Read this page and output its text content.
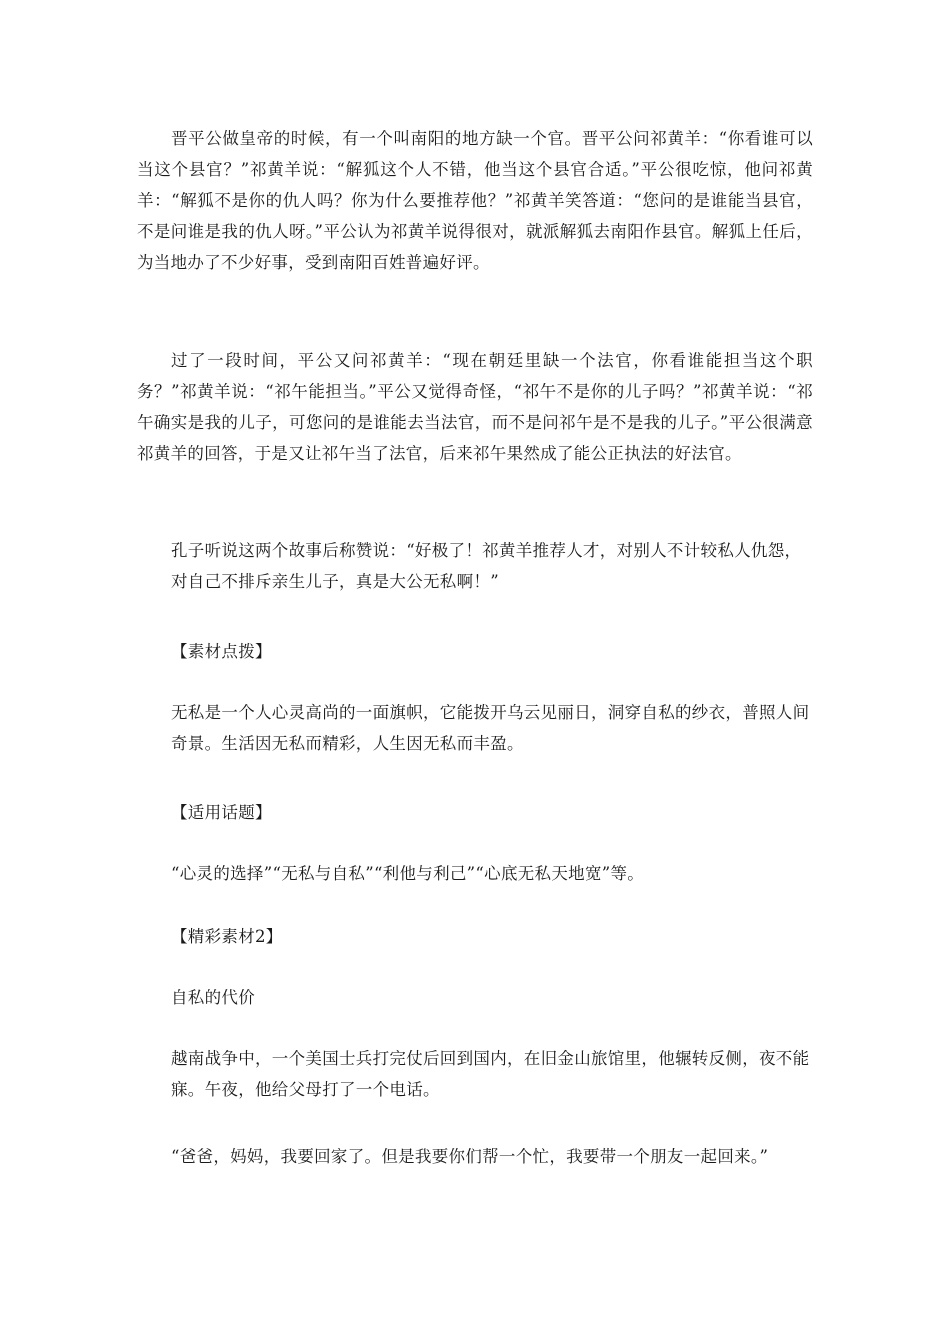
晋平公做皇帝的时候，有一个叫南阳的地方缺一个官。晋平公问祁黄羊：“你看谁可以当这个县官？”祁黄羊说：“解狐这个人不错，他当这个县官合适。”平公很吃惊，他问祁黄羊：“解狐不是你的仇人吗？你为什么要推荐他？”祁黄羊笑答道：“您问的是谁能当县官，不是问谁是我的仇人呀。”平公认为祁黄羊说得很对，就派解狐去南阳作县官。解狐上任后，为当地办了不少好事，受到南阳百姓普遍好评。

过了一段时间，平公又问祁黄羊：“现在朝廷里缺一个法官，你看谁能担当这个职务？”祁黄羊说：“祁午能担当。”平公又觉得奇怪，“祁午不是你的儿子吗？”祁黄羊说：“祁午确实是我的儿子，可您问的是谁能去当法官，而不是问祁午是不是我的儿子。”平公很满意祁黄羊的回答，于是又让祁午当了法官，后来祁午果然成了能公正执法的好法官。

孔子听说这两个故事后称赞说：“好极了！祁黄羊推荐人才，对别人不计较私人仇怨，对自己不排斥亲生儿子，真是大公无私啊！”

【素材点拨】

无私是一个人心灵高尚的一面旗帜，它能拨开乌云见丽日，洞穿自私的纱衣，普照人间奇景。生活因无私而精彩，人生因无私而丰盈。

【适用话题】

“心灵的选择”“无私与自私”“利他与利己”“心底无私天地宽”等。

【精彩素材2】

自私的代价

越南战争中，一个美国士兵打完仗后回到国内，在旧金山旅馆里，他辗转反侧，夜不能寐。午夜，他给父母打了一个电话。

“爸爸，妈妈，我要回家了。但是我要你们帮一个忙，我要带一个朋友一起回来。”
